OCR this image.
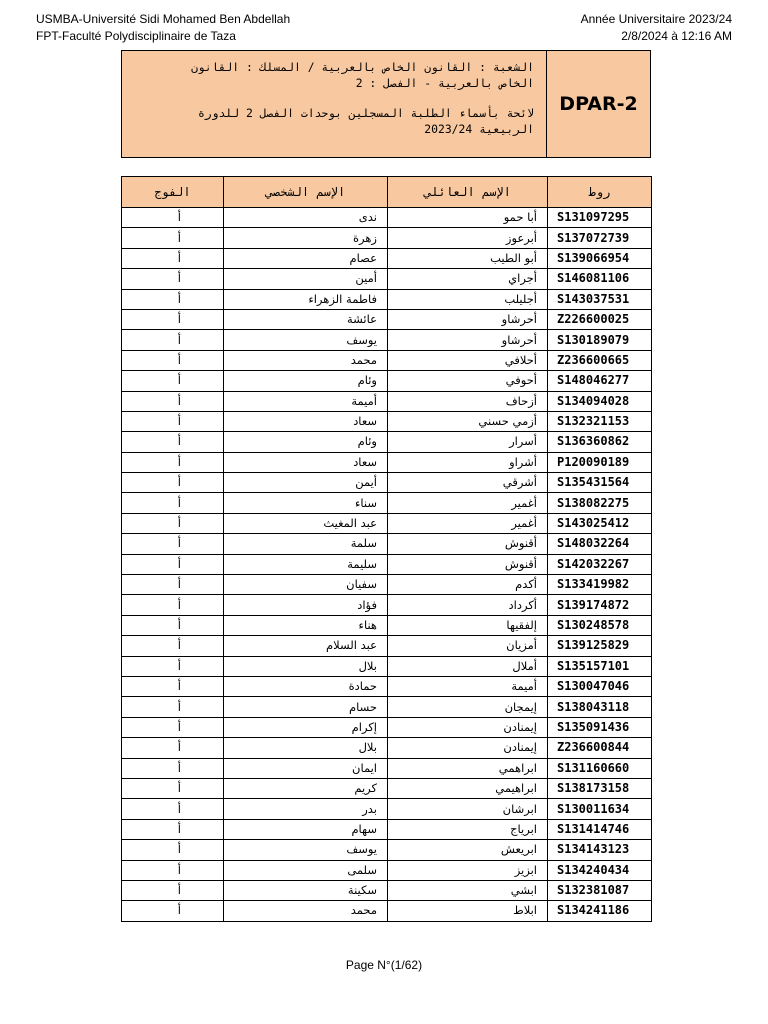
USMBA-Université Sidi Mohamed Ben Abdellah
FPT-Faculté Polydisciplinaire de Taza
Année Universitaire 2023/24
2/8/2024 à 12:16 AM
الشعبة : القانون الخاص بالعربية / المسلك : القانون
الخاص بالعربية - الفصل : 2
لائحة بأسماء الطلبة المسجلين بوحدات الفصل 2 للدورة
الربيعية 2023/24
	DPAR-2
الفوج	الإسم الشخصي	الإسم العائلي	روط
أ	ندى	أبا حمو	S131097295
أ	زهرة	أبرعوز	S137072739
أ	عصام	أبو الطيب	S139066954
أ	أمين	أجراي	S146081106
أ	فاطمة الزهراء	أجليلب	S143037531
أ	عائشة	أحرشاو	Z226600025
أ	يوسف	أحرشاو	S130189079
أ	محمد	أحلافي	Z236600665
أ	وئام	أحوفي	S148046277
أ	أميمة	أزحاف	S134094028
أ	سعاد	أزمي حسني	S132321153
أ	وئام	أسرار	S136360862
أ	سعاد	أشراو	P120090189
أ	أيمن	أشرقي	S135431564
أ	سناء	أغمير	S138082275
أ	عبد المغيث	أغمير	S143025412
أ	سلمة	أقنوش	S148032264
أ	سليمة	أقنوش	S142032267
أ	سفيان	أكدم	S133419982
أ	فؤاد	أكرداد	S139174872
أ	هناء	إلفقيها	S130248578
أ	عبد السلام	أمزيان	S139125829
أ	بلال	أملال	S135157101
أ	حمادة	أميمة	S130047046
أ	حسام	إيمجان	S138043118
أ	إكرام	إيمنادن	S135091436
أ	بلال	إيمنادن	Z236600844
أ	ايمان	ابراهمي	S131160660
أ	كريم	ابراهيمي	S138173158
أ	بدر	ابرشان	S130011634
أ	سهام	ابرياج	S131414746
أ	يوسف	ابريعش	S134143123
أ	سلمى	ابزيز	S134240434
أ	سكينة	ابشي	S132381087
أ	محمد	ابلاط	S134241186
Page N°(1/62)
